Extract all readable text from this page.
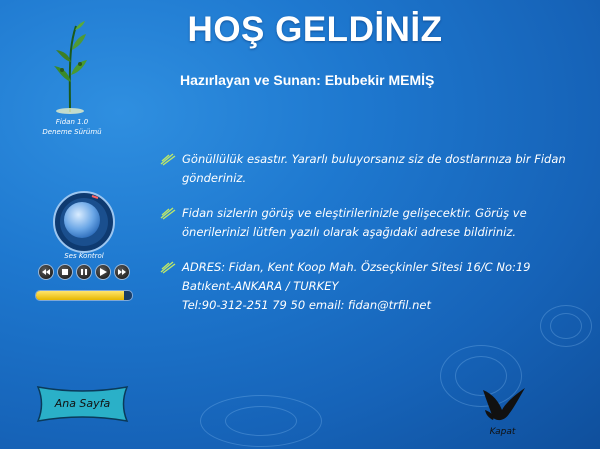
HOŞ GELDİNİZ
Hazırlayan ve Sunan: Ebubekir MEMİŞ
Fidan 1.0
Deneme Sürümü
Gönüllülük esastır. Yararlı buluyorsanız siz de dostlarınıza bir Fidan gönderiniz.
Fidan sizlerin görüş ve eleştirilerinizle gelişecektir. Görüş ve önerilerinizi lütfen yazılı olarak aşağıdaki adrese bildiriniz.
ADRES: Fidan, Kent Koop Mah. Özseçkinler Sitesi 16/C No:19
Batıkent-ANKARA / TURKEY
Tel:90-312-251 79 50 email: fidan@trfil.net
Ses Kontrol
Ana Sayfa
Kapat
